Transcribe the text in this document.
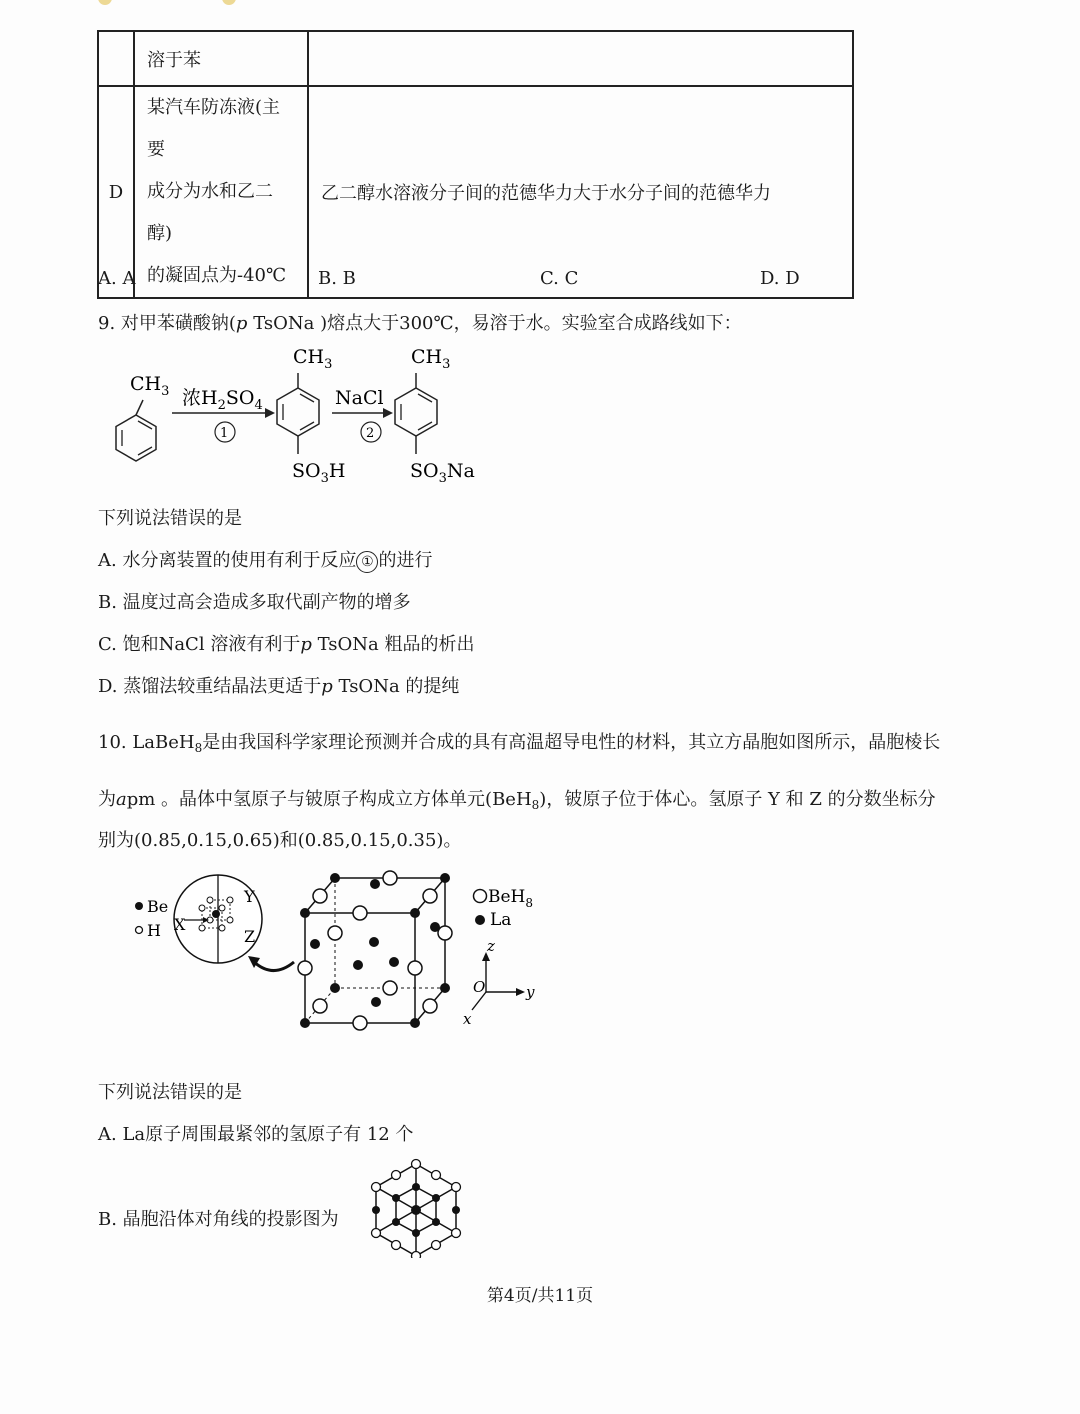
	溶于苯	
D	某汽车防冻液(主要
成分为水和乙二醇)
的凝固点为-40℃	乙二醇水溶液分子间的范德华力大于水分子间的范德华力
A. A	B. B	C. C	D. D
9. 对甲苯磺酸钠(p TsONa )熔点大于300℃，易溶于水。实验室合成路线如下：
$CH_3$ 浓$H_2SO_4$
1
$CH_3$
$SO_3H$
NaCl
2
$CH_3$
$SO_3Na$
下列说法错误的是
A. 水分离装置的使用有利于反应 ① 的进行
B. 温度过高会造成多取代副产物的增多
C. 饱和NaCl 溶液有利于p TsONa 粗品的析出
D. 蒸馏法较重结晶法更适于p TsONa 的提纯
10. LaBeH$_8$是由我国科学家理论预测并合成的具有高温超导电性的材料，其立方晶胞如图所示，晶胞棱长
为apm 。晶体中氢原子与铍原子构成立方体单元(BeH$_8$)，铍原子位于体心。氢原子 Y 和 Z 的分数坐标分
别为(0.85,0.15,0.65)和(0.85,0.15,0.35)。
Be
H X
Y
Z
BeH$_8$
La
z
y
x
O
下列说法错误的是
A. La原子周围最紧邻的氢原子有 12 个
B. 晶胞沿体对角线的投影图为
第4页/共11页
